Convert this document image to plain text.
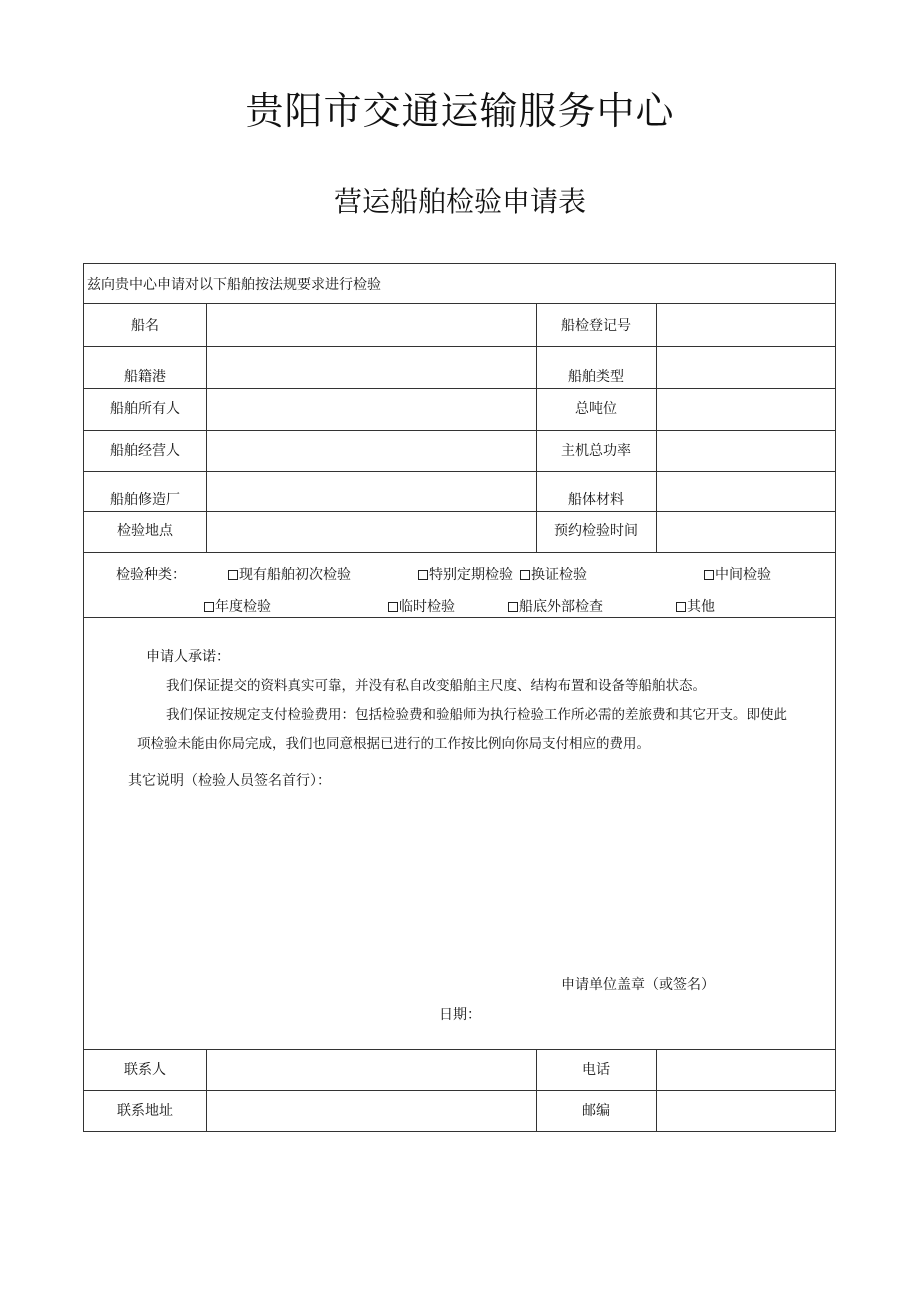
贵阳市交通运输服务中心
营运船舶检验申请表
兹向贵中心申请对以下船舶按法规要求进行检验
船名	船检登记号
船籍港	船舶类型
船舶所有人	总吨位
船舶经营人	主机总功率
船舶修造厂	船体材料
检验地点	预约检验时间
检验种类：	现有船舶初次检验	特别定期检验	换证检验	中间检验
年度检验	临时检验	船底外部检查	其他
申请人承诺：
我们保证提交的资料真实可靠，并没有私自改变船舶主尺度、结构布置和设备等船舶状态。
我们保证按规定支付检验费用：包括检验费和验船师为执行检验工作所必需的差旅费和其它开支。即使此
项检验未能由你局完成，我们也同意根据已进行的工作按比例向你局支付相应的费用。
其它说明（检验人员签名首行）：
申请单位盖章（或签名）
日期：
联系人	电话
联系地址	邮编
